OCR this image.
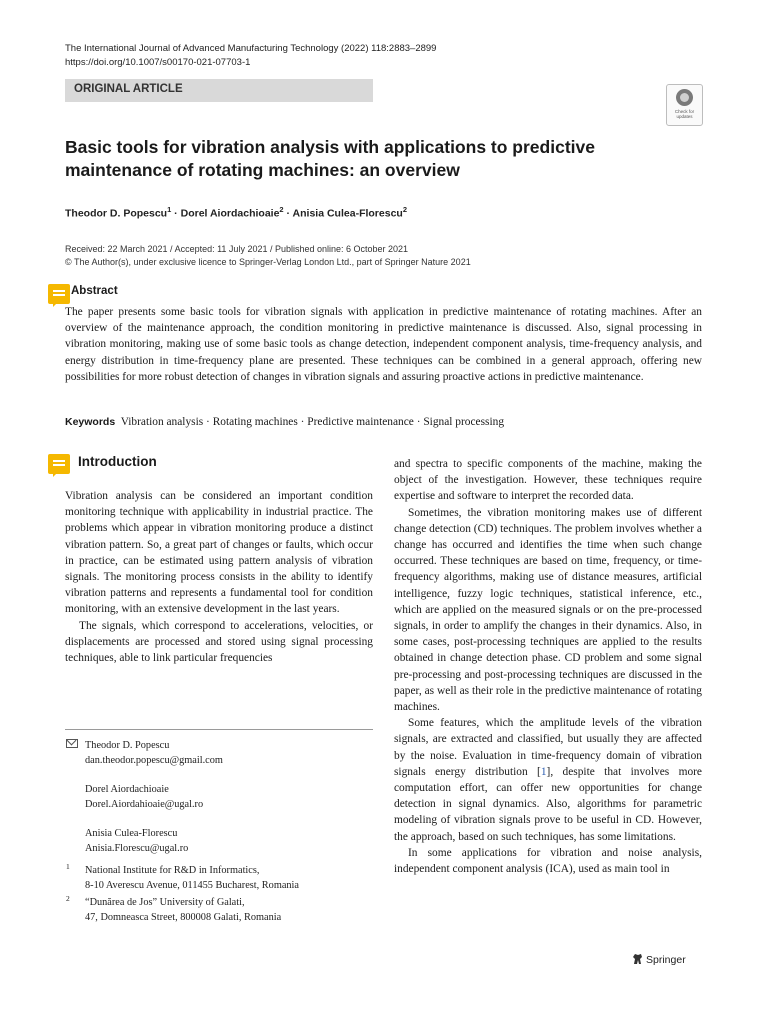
The International Journal of Advanced Manufacturing Technology (2022) 118:2883–2899
https://doi.org/10.1007/s00170-021-07703-1
ORIGINAL ARTICLE
Check for
updates
Basic tools for vibration analysis with applications to predictive maintenance of rotating machines: an overview
Theodor D. Popescu$^1$ · Dorel Aiordachioaie$^2$ · Anisia Culea-Florescu$^2$
Received: 22 March 2021 / Accepted: 11 July 2021 / Published online: 6 October 2021
© The Author(s), under exclusive licence to Springer-Verlag London Ltd., part of Springer Nature 2021
Abstract
The paper presents some basic tools for vibration signals with application in predictive maintenance of rotating machines. After an overview of the maintenance approach, the condition monitoring in predictive maintenance is discussed. Also, signal processing in vibration monitoring, making use of some basic tools as change detection, independent component analysis, time-frequency analysis, and energy distribution in time-frequency plane are presented. These techniques can be combined in a general approach, offering new possibilities for more robust detection of changes in vibration signals and assuring proactive actions in predictive maintenance.
Keywords Vibration analysis · Rotating machines · Predictive maintenance · Signal processing
Introduction

Vibration analysis can be considered an important condition monitoring technique with applicability in industrial practice. The problems which appear in vibration monitoring produce a distinct vibration pattern. So, a great part of changes or faults, which occur in practice, can be estimated using pattern analysis of vibration signals. The monitoring process consists in the ability to identify vibration patterns and represents a fundamental tool for condition monitoring, with an extensive development in the last years.

The signals, which correspond to accelerations, velocities, or displacements are processed and stored using signal processing techniques, able to link particular frequencies

and spectra to specific components of the machine, making the object of the investigation. However, these techniques require expertise and software to interpret the recorded data.

Sometimes, the vibration monitoring makes use of different change detection (CD) techniques. The problem involves whether a change has occurred and identifies the time when such change occurred. These techniques are based on time, frequency, or time-frequency algorithms, making use of distance measures, artificial intelligence, fuzzy logic techniques, statistical inference, etc., which are applied on the measured signals or on the pre-processed signals, in order to amplify the changes in their dynamics. Also, in some cases, post-processing techniques are applied to the results obtained in change detection phase. CD problem and some signal pre-processing and post-processing techniques are discussed in the paper, as well as their role in the predictive maintenance of rotating machines.

Some features, which the amplitude levels of the vibration signals, are extracted and classified, but usually they are affected by the noise. Evaluation in time-frequency domain of vibration signals energy distribution [1], despite that involves more computation effort, can offer new opportunities for change detection in signal dynamics. Also, algorithms for parametric modeling of vibration signals prove to be useful in CD. However, the approach, based on such techniques, has some limitations.

In some applications for vibration and noise analysis, independent component analysis (ICA), used as main tool in

Theodor D. Popescu
dan.theodor.popescu@gmail.com
Dorel Aiordachioaie
Dorel.Aiordahioaie@ugal.ro
Anisia Culea-Florescu
Anisia.Florescu@ugal.ro
1 National Institute for R&D in Informatics,
8-10 Averescu Avenue, 011455 Bucharest, Romania
2 “Dunărea de Jos” University of Galati,
47, Domneasca Street, 800008 Galati, Romania
Springer
